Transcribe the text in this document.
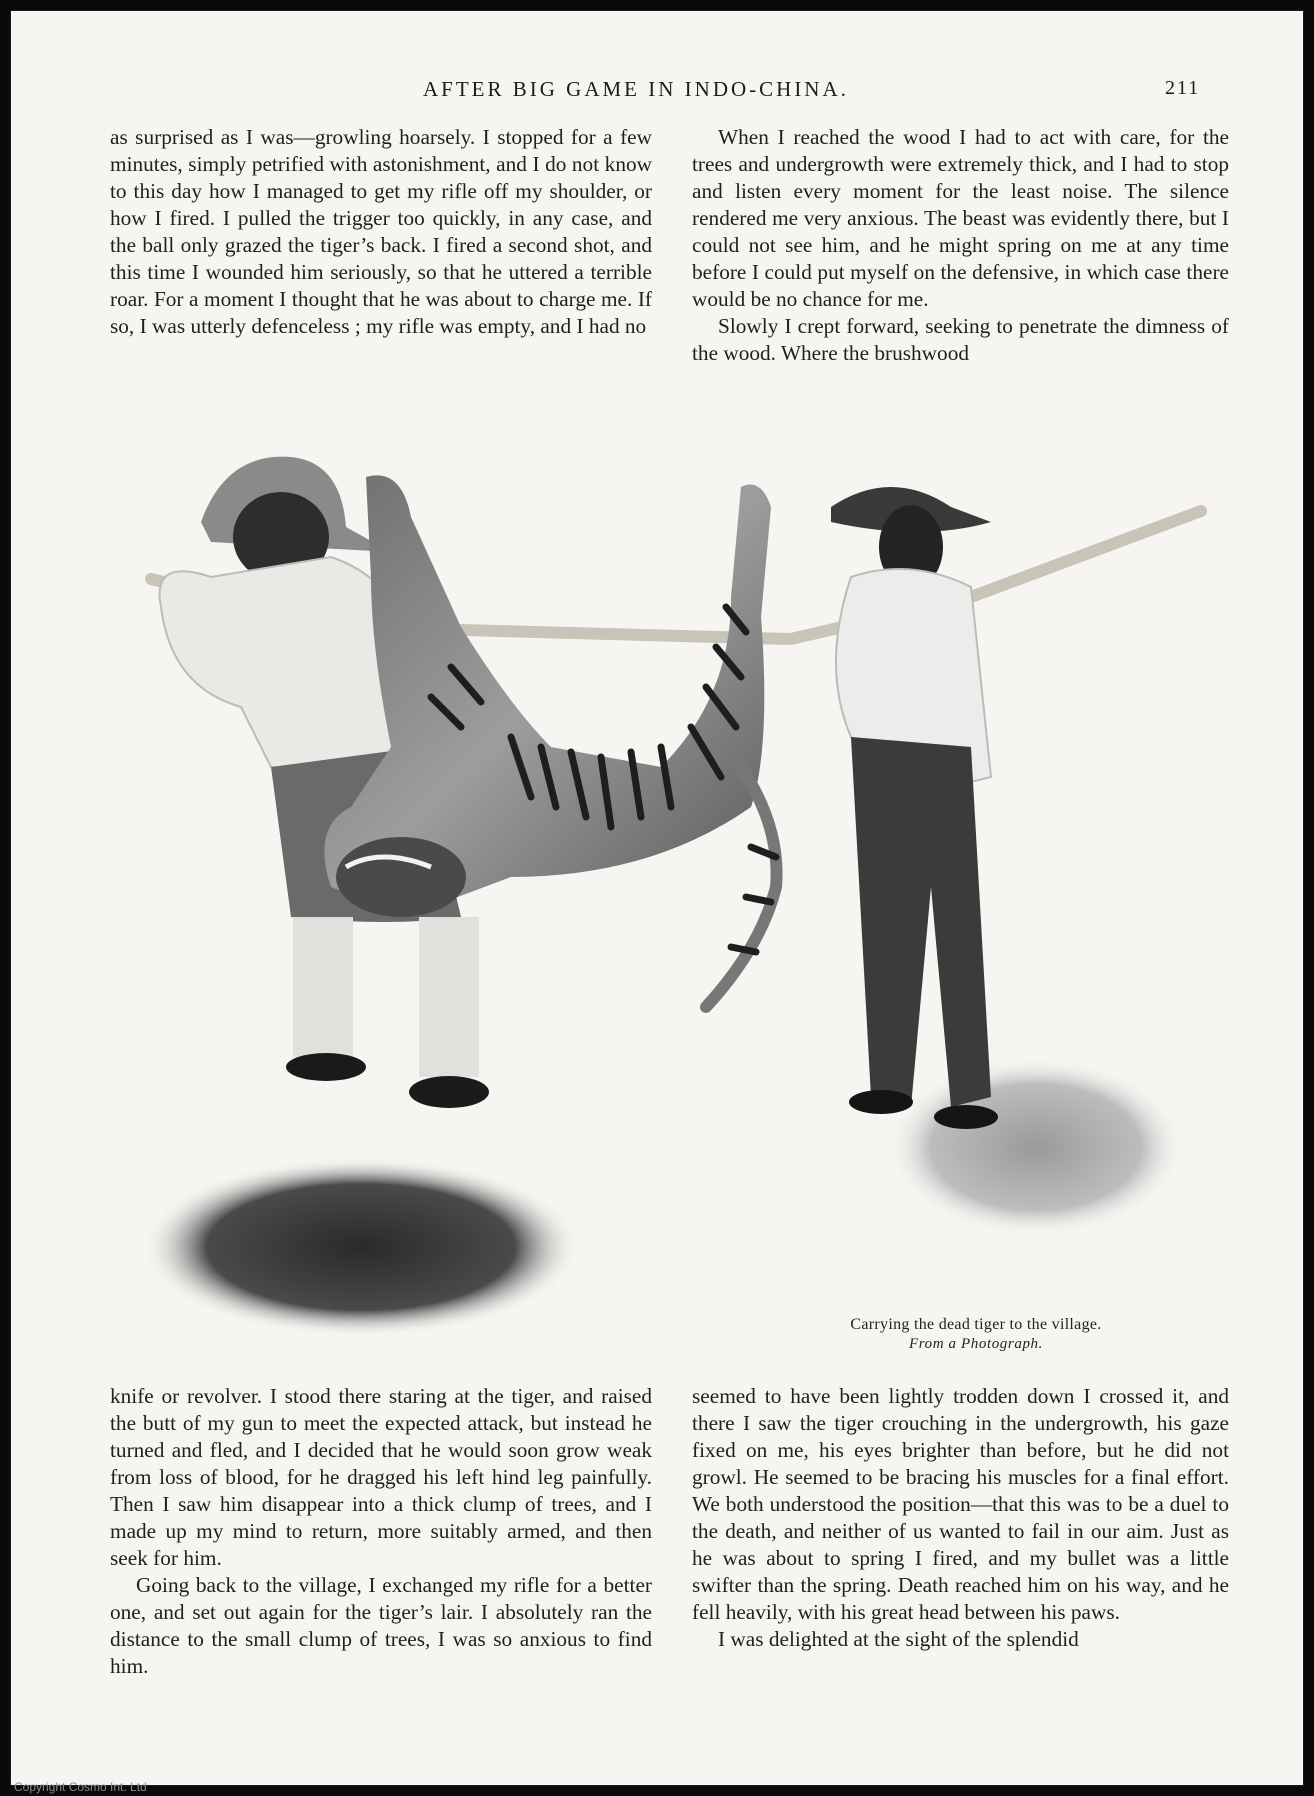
AFTER BIG GAME IN INDO-CHINA.	211

as surprised as I was—growling hoarsely. I stopped for a few minutes, simply petrified with astonishment, and I do not know to this day how I managed to get my rifle off my shoulder, or how I fired. I pulled the trigger too quickly, in any case, and the ball only grazed the tiger’s back. I fired a second shot, and this time I wounded him seriously, so that he uttered a terrible roar. For a moment I thought that he was about to charge me. If so, I was utterly defenceless ; my rifle was empty, and I had no

When I reached the wood I had to act with care, for the trees and undergrowth were extremely thick, and I had to stop and listen every moment for the least noise. The silence rendered me very anxious. The beast was evidently there, but I could not see him, and he might spring on me at any time before I could put myself on the defensive, in which case there would be no chance for me.

Slowly I crept forward, seeking to penetrate the dimness of the wood. Where the brushwood

Carrying the dead tiger to the village.
From a Photograph.

knife or revolver. I stood there staring at the tiger, and raised the butt of my gun to meet the expected attack, but instead he turned and fled, and I decided that he would soon grow weak from loss of blood, for he dragged his left hind leg painfully. Then I saw him disappear into a thick clump of trees, and I made up my mind to return, more suitably armed, and then seek for him.

Going back to the village, I exchanged my rifle for a better one, and set out again for the tiger’s lair. I absolutely ran the distance to the small clump of trees, I was so anxious to find him.

seemed to have been lightly trodden down I crossed it, and there I saw the tiger crouching in the undergrowth, his gaze fixed on me, his eyes brighter than before, but he did not growl. He seemed to be bracing his muscles for a final effort. We both understood the position—that this was to be a duel to the death, and neither of us wanted to fail in our aim. Just as he was about to spring I fired, and my bullet was a little swifter than the spring. Death reached him on his way, and he fell heavily, with his great head between his paws.

I was delighted at the sight of the splendid

Copyright Cosmo Int. Ltd
